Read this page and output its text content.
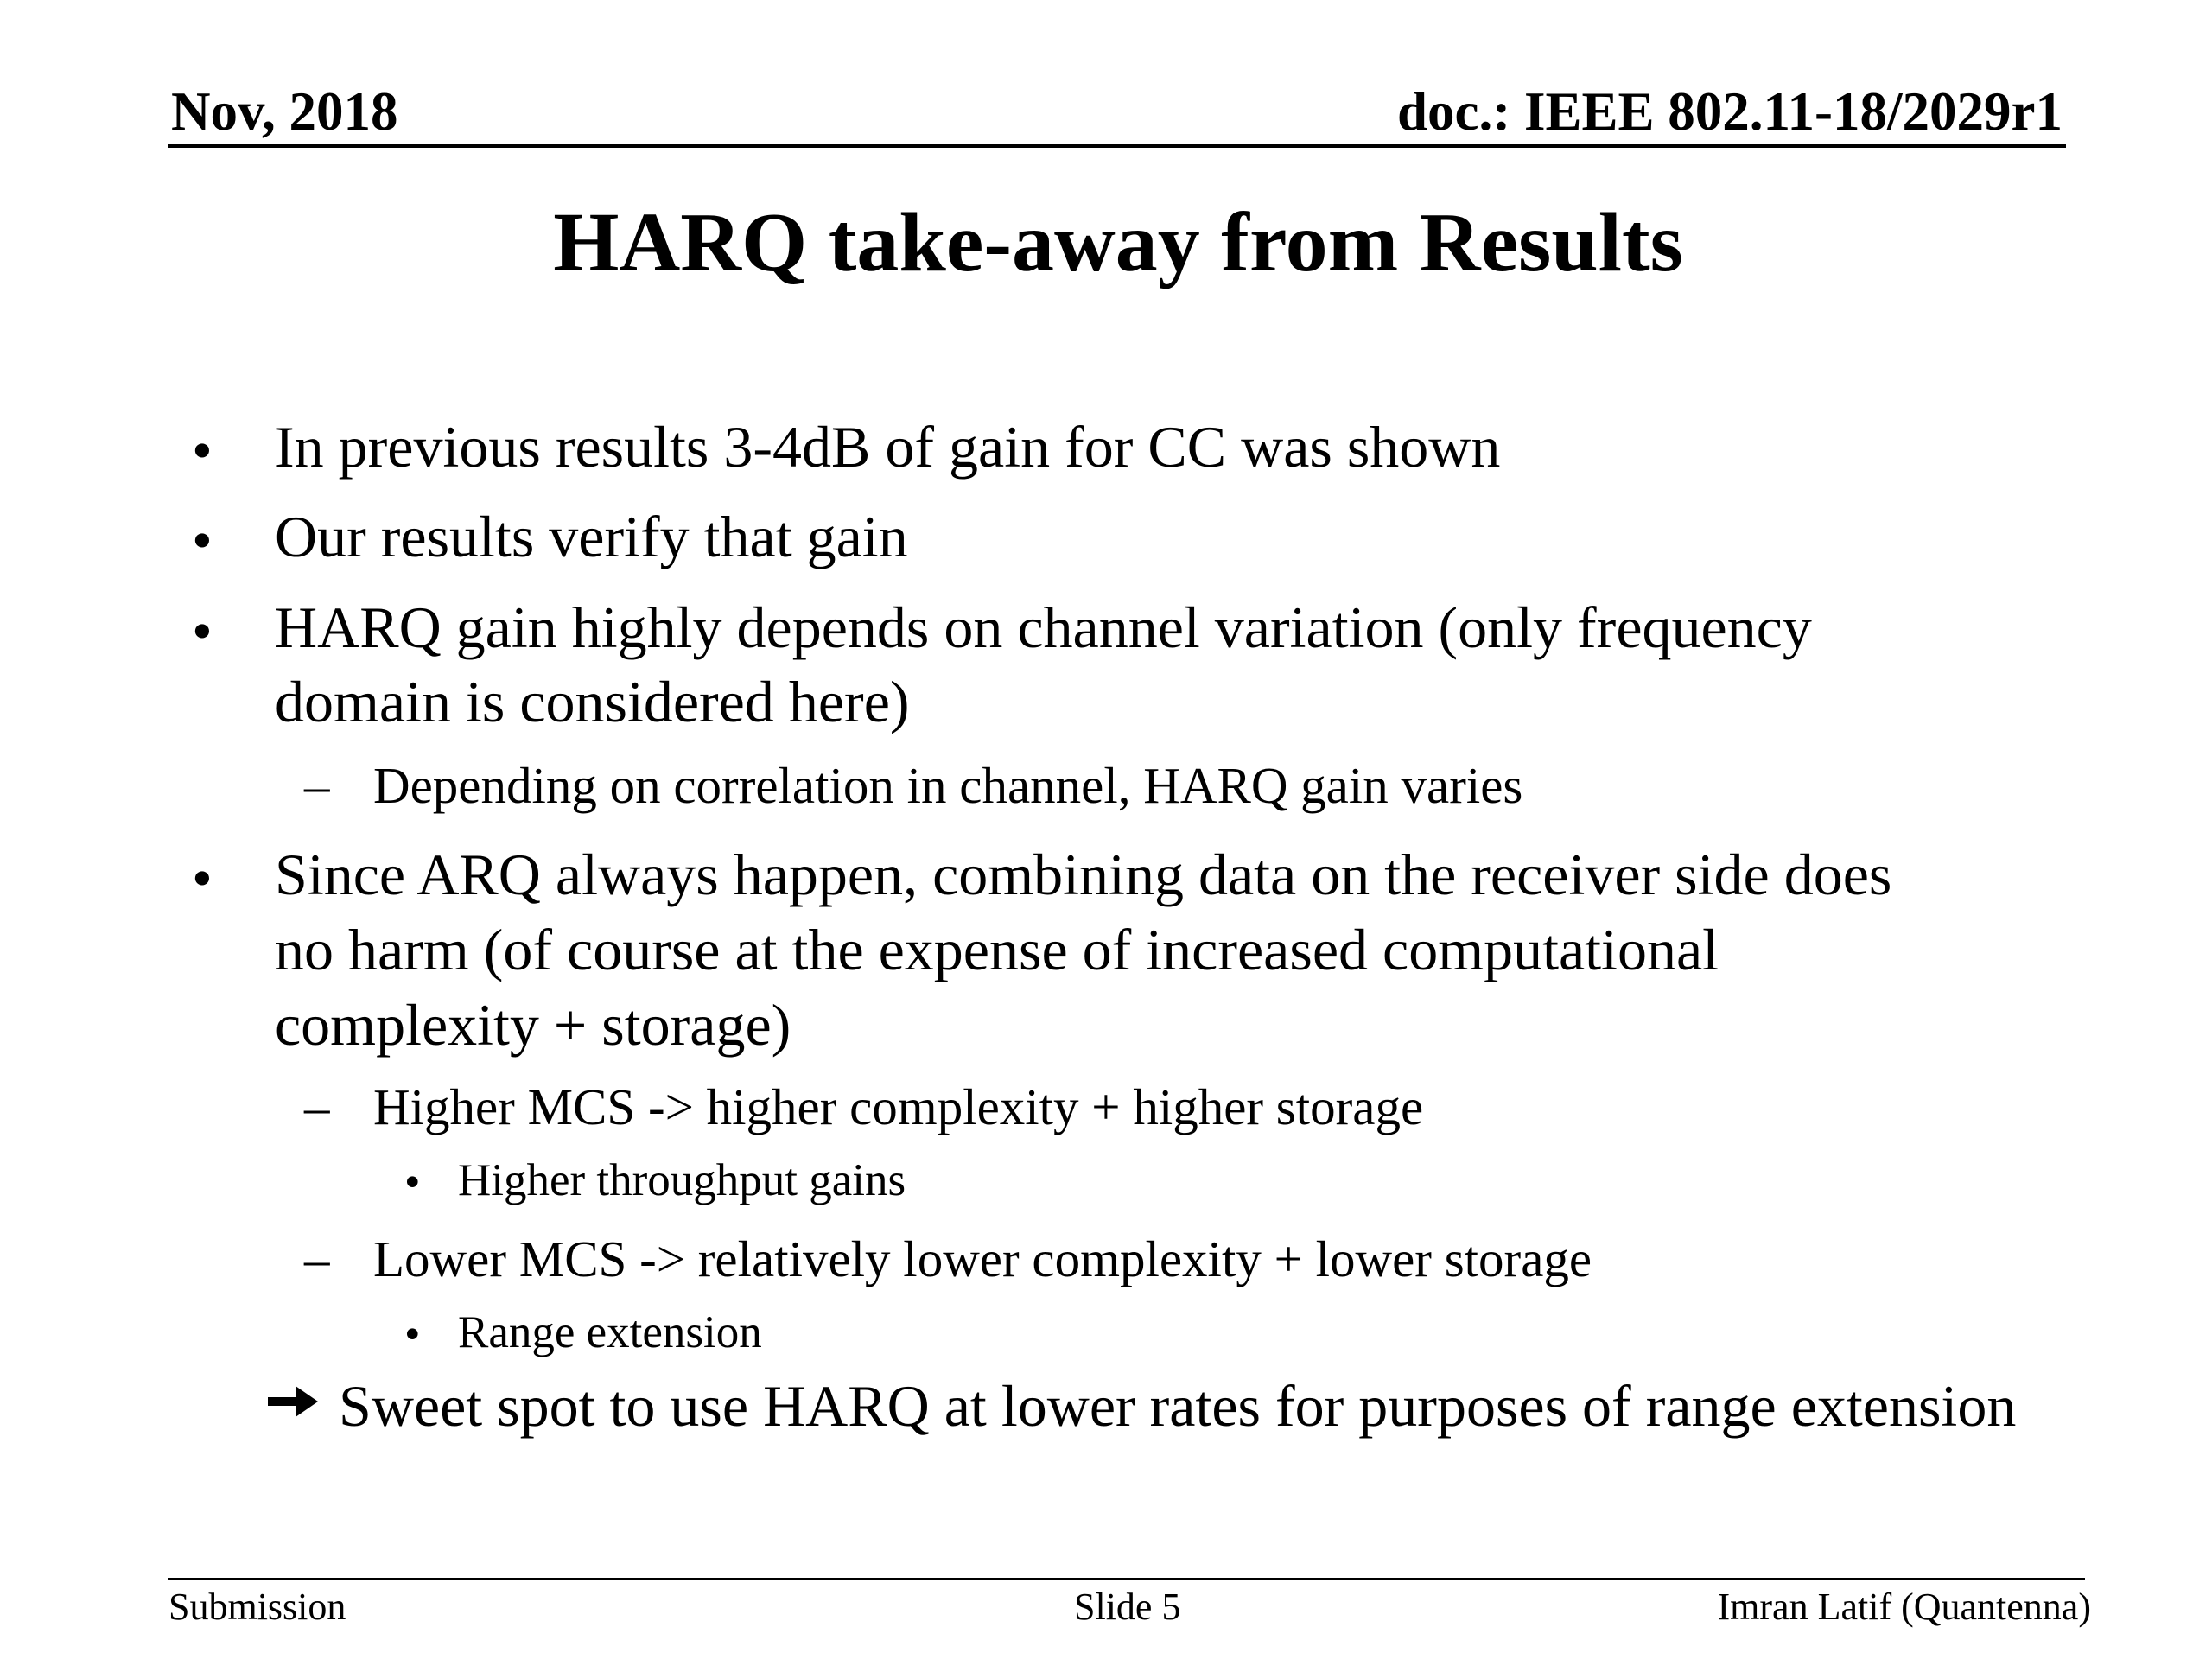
Nov, 2018	doc.: IEEE 802.11-18/2029r1
HARQ take-away from Results
• In previous results 3-4dB of gain for CC was shown
• Our results verify that gain
• HARQ gain highly depends on channel variation (only frequency
domain is considered here)
– Depending on correlation in channel, HARQ gain varies
• Since ARQ always happen, combining data on the receiver side does
no harm (of course at the expense of increased computational
complexity + storage)
– Higher MCS -> higher complexity + higher storage
• Higher throughput gains
– Lower MCS -> relatively lower complexity + lower storage
• Range extension
Sweet spot to use HARQ at lower rates for purposes of range extension
Submission	Slide 5	Imran Latif (Quantenna)
